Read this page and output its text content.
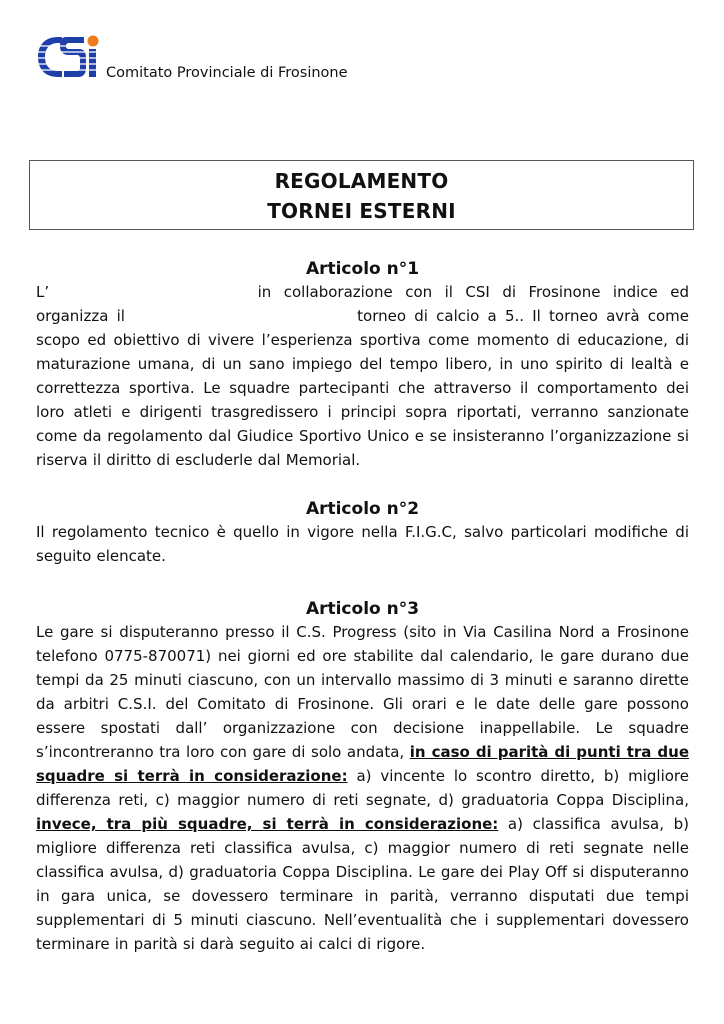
CSI
Comitato Provinciale di Frosinone
REGOLAMENTO
TORNEI ESTERNI
Articolo n°1

L’	in collaborazione con il CSI di Frosinone indice ed organizza il	torneo di calcio a 5.. Il torneo avrà come scopo ed obiettivo di vivere l’esperienza sportiva come momento di educazione, di maturazione umana, di un sano impiego del tempo libero, in uno spirito di lealtà e correttezza sportiva. Le squadre partecipanti che attraverso il comportamento dei loro atleti e dirigenti trasgredissero i principi sopra riportati, verranno sanzionate come da regolamento dal Giudice Sportivo Unico e se insisteranno l’organizzazione si riserva il diritto di escluderle dal Memorial.

Articolo n°2

Il regolamento tecnico è quello in vigore nella F.I.G.C, salvo particolari modifiche di seguito elencate.

Articolo n°3

Le gare si disputeranno presso il C.S. Progress (sito in Via Casilina Nord a Frosinone telefono 0775-870071) nei giorni ed ore stabilite dal calendario, le gare durano due tempi da 25 minuti ciascuno, con un intervallo massimo di 3 minuti e saranno dirette da arbitri C.S.I. del Comitato di Frosinone. Gli orari e le date delle gare possono essere spostati dall’ organizzazione con decisione inappellabile. Le squadre s’incontreranno tra loro con gare di solo andata, in caso di parità di punti tra due squadre si terrà in considerazione: a) vincente lo scontro diretto, b) migliore differenza reti, c) maggior numero di reti segnate, d) graduatoria Coppa Disciplina, invece, tra più squadre, si terrà in considerazione: a) classifica avulsa, b) migliore differenza reti classifica avulsa, c) maggior numero di reti segnate nelle classifica avulsa, d) graduatoria Coppa Disciplina. Le gare dei Play Off si disputeranno in gara unica, se dovessero terminare in parità, verranno disputati due tempi supplementari di 5 minuti ciascuno. Nell’eventualità che i supplementari dovessero terminare in parità si darà seguito ai calci di rigore.
